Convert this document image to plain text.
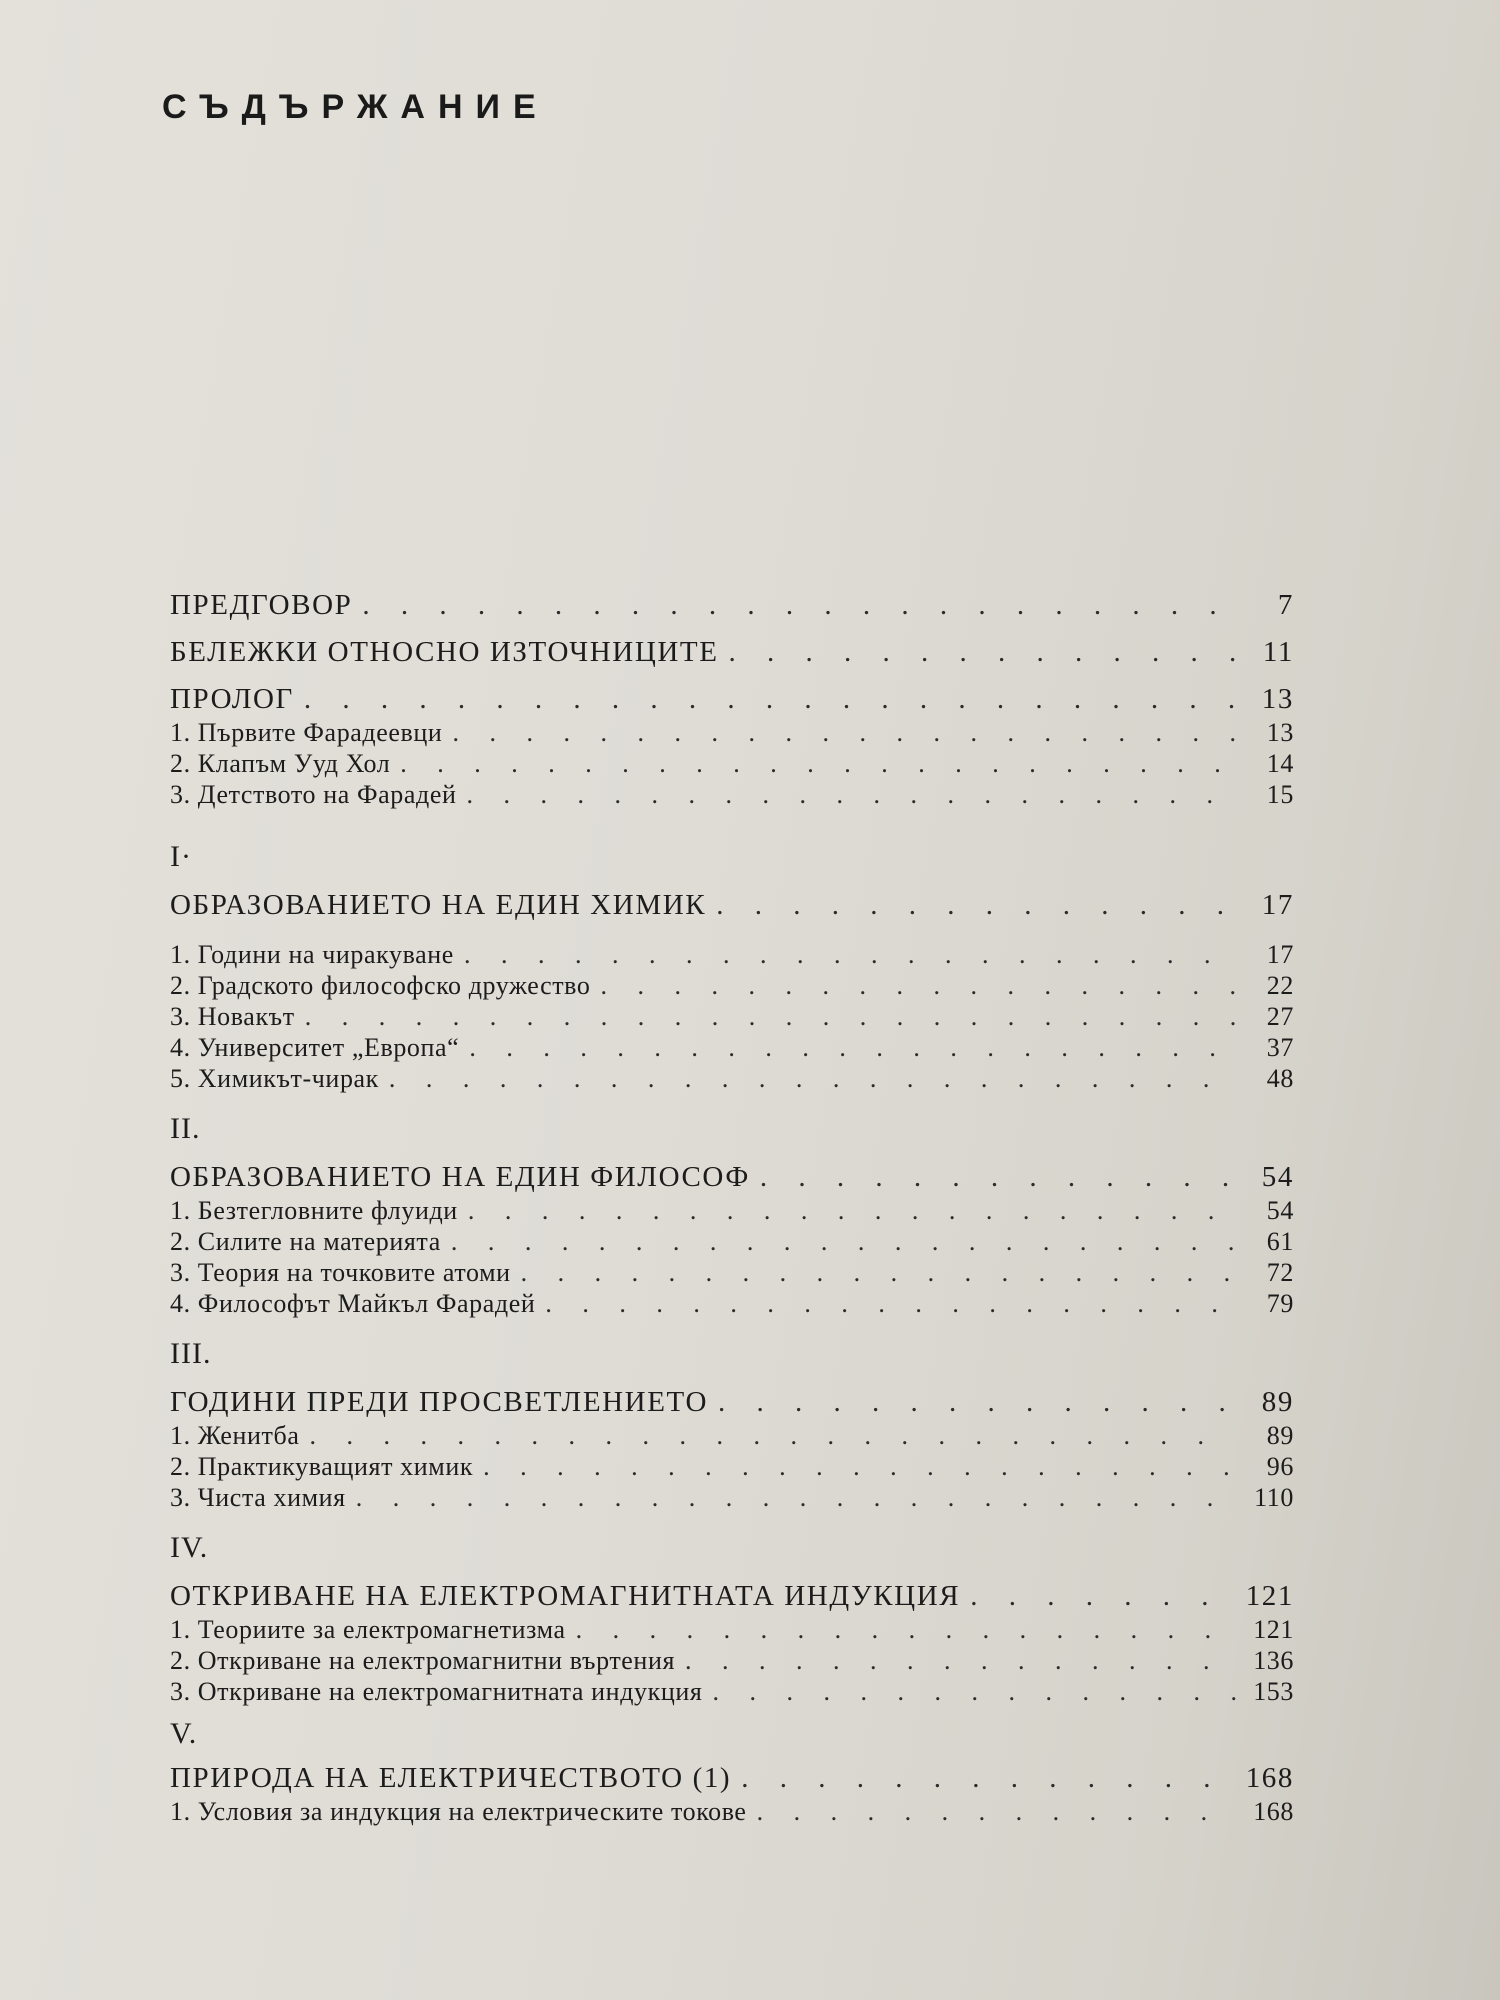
СЪДЪРЖАНИЕ
ПРЕДГОВОР . . .	7
БЕЛЕЖКИ ОТНОСНО ИЗТОЧНИЦИТЕ . . .	11
ПРОЛОГ . . .	13
1. Първите Фарадеевци . . .	13
2. Клапъм Ууд Хол . . .	14
3. Детството на Фарадей . . .	15
I·
ОБРАЗОВАНИЕТО НА ЕДИН ХИМИК . . .	17
1. Години на чиракуване . . .	17
2. Градското философско дружество . . .	22
3. Новакът . . .	27
4. Университет „Европа“ . . .	37
5. Химикът-чирак . . .	48
II.
ОБРАЗОВАНИЕТО НА ЕДИН ФИЛОСОФ . . .	54
1. Безтегловните флуиди . . .	54
2. Силите на материята . . .	61
3. Теория на точковите атоми . . .	72
4. Философът Майкъл Фарадей . . .	79
III.
ГОДИНИ ПРЕДИ ПРОСВЕТЛЕНИЕТО . . .	89
1. Женитба . . .	89
2. Практикуващият химик . . .	96
3. Чиста химия . . .	110
IV.
ОТКРИВАНЕ НА ЕЛЕКТРОМАГНИТНАТА ИНДУКЦИЯ . . .	121
1. Теориите за електромагнетизма . . .	121
2. Откриване на електромагнитни въртения . . .	136
3. Откриване на електромагнитната индукция . . .	153
V.
ПРИРОДА НА ЕЛЕКТРИЧЕСТВОТО (1) . . .	168
1. Условия за индукция на електрическите токове . . .	168
